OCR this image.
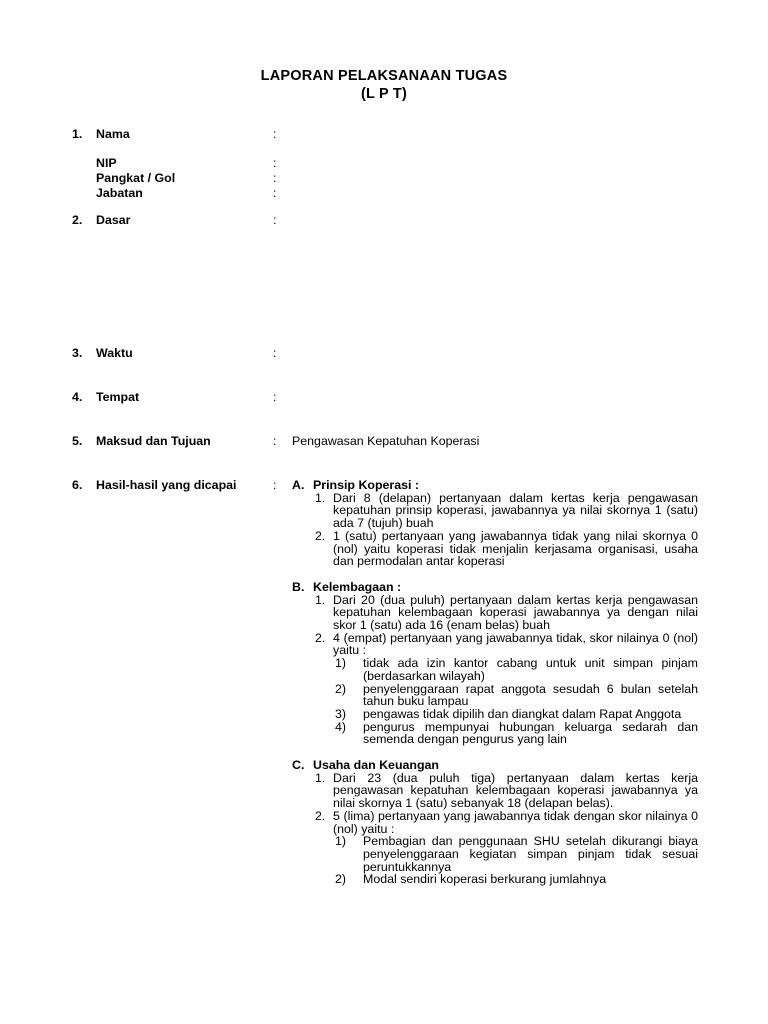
LAPORAN PELAKSANAAN TUGAS
(L P T)
1. Nama	:
NIP	:
Pangkat / Gol	:
Jabatan	:
2. Dasar	:
3. Waktu	:
4. Tempat	:
5. Maksud dan Tujuan	: Pengawasan Kepatuhan Koperasi
6. Hasil-hasil yang dicapai	: A. Prinsip Koperasi :
1. Dari 8 (delapan) pertanyaan dalam kertas kerja pengawasan kepatuhan prinsip koperasi, jawabannya ya nilai skornya 1 (satu) ada 7 (tujuh) buah
2. 1 (satu) pertanyaan yang jawabannya tidak yang nilai skornya 0 (nol) yaitu koperasi tidak menjalin kerjasama organisasi, usaha dan permodalan antar koperasi
B. Kelembagaan :
1. Dari 20 (dua puluh) pertanyaan dalam kertas kerja pengawasan kepatuhan kelembagaan koperasi jawabannya ya dengan nilai skor 1 (satu) ada 16 (enam belas) buah
2. 4 (empat) pertanyaan yang jawabannya tidak, skor nilainya 0 (nol) yaitu :
1) tidak ada izin kantor cabang untuk unit simpan pinjam (berdasarkan wilayah)
2) penyelenggaraan rapat anggota sesudah 6 bulan setelah tahun buku lampau
3) pengawas tidak dipilih dan diangkat dalam Rapat Anggota
4) pengurus mempunyai hubungan keluarga sedarah dan semenda dengan pengurus yang lain
C. Usaha dan Keuangan
1. Dari 23 (dua puluh tiga) pertanyaan dalam kertas kerja pengawasan kepatuhan kelembagaan koperasi jawabannya ya nilai skornya 1 (satu) sebanyak 18 (delapan belas).
2. 5 (lima) pertanyaan yang jawabannya tidak dengan skor nilainya 0 (nol) yaitu :
1) Pembagian dan penggunaan SHU setelah dikurangi biaya penyelenggaraan kegiatan simpan pinjam tidak sesuai peruntukkannya
2) Modal sendiri koperasi berkurang jumlahnya
